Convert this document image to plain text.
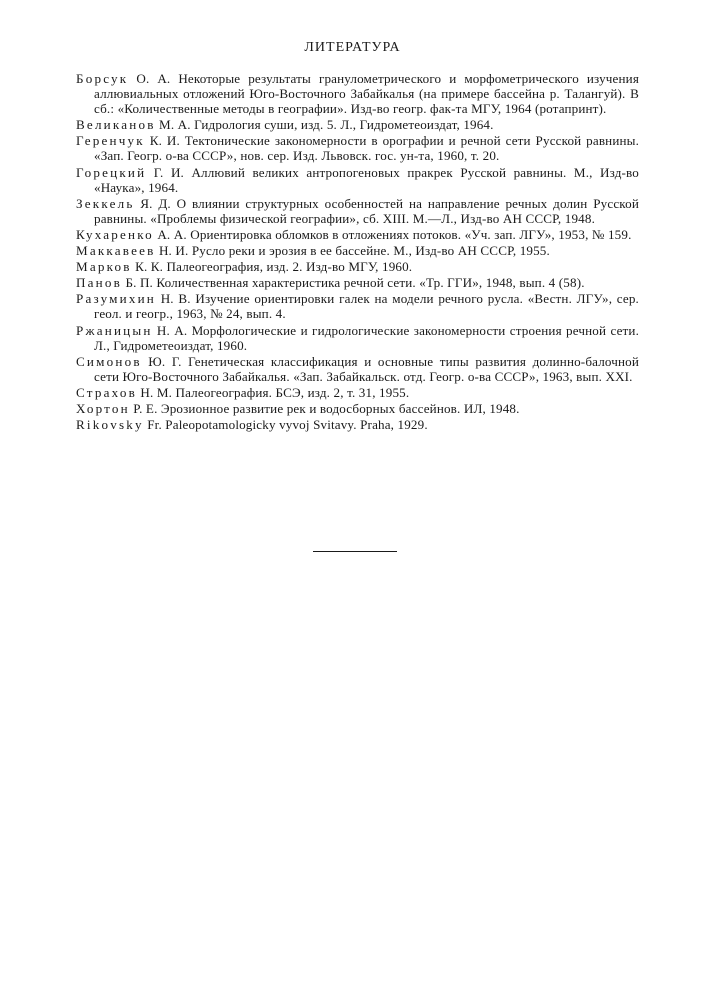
ЛИТЕРАТУРА

Борсук О. А. Некоторые результаты гранулометрического и морфометрического изучения аллювиальных отложений Юго-Восточного Забайкалья (на примере бассейна р. Талангуй). В сб.: «Количественные методы в географии». Изд-во геогр. фак-та МГУ, 1964 (ротапринт).

Великанов М. А. Гидрология суши, изд. 5. Л., Гидрометеоиздат, 1964.

Геренчук К. И. Тектонические закономерности в орографии и речной сети Русской равнины. «Зап. Геогр. о-ва СССР», нов. сер. Изд. Львовск. гос. ун-та, 1960, т. 20.

Горецкий Г. И. Аллювий великих антропогеновых пракрек Русской равнины. М., Изд-во «Наука», 1964.

Зеккель Я. Д. О влиянии структурных особенностей на направление речных долин Русской равнины. «Проблемы физической географии», сб. XIII. М.—Л., Изд-во АН СССР, 1948.

Кухаренко А. А. Ориентировка обломков в отложениях потоков. «Уч. зап. ЛГУ», 1953, № 159.

Маккавеев Н. И. Русло реки и эрозия в ее бассейне. М., Изд-во АН СССР, 1955.

Марков К. К. Палеогеография, изд. 2. Изд-во МГУ, 1960.

Панов Б. П. Количественная характеристика речной сети. «Тр. ГГИ», 1948, вып. 4 (58).

Разумихин Н. В. Изучение ориентировки галек на модели речного русла. «Вестн. ЛГУ», сер. геол. и геогр., 1963, № 24, вып. 4.

Ржаницын Н. А. Морфологические и гидрологические закономерности строения речной сети. Л., Гидрометеоиздат, 1960.

Симонов Ю. Г. Генетическая классификация и основные типы развития долинно-балочной сети Юго-Восточного Забайкалья. «Зап. Забайкальск. отд. Геогр. о-ва СССР», 1963, вып. XXI.

Страхов Н. М. Палеогеография. БСЭ, изд. 2, т. 31, 1955.

Хортон Р. Е. Эрозионное развитие рек и водосборных бассейнов. ИЛ, 1948.

Rikovsky Fr. Paleopotamologicky vyvoj Svitavy. Praha, 1929.
